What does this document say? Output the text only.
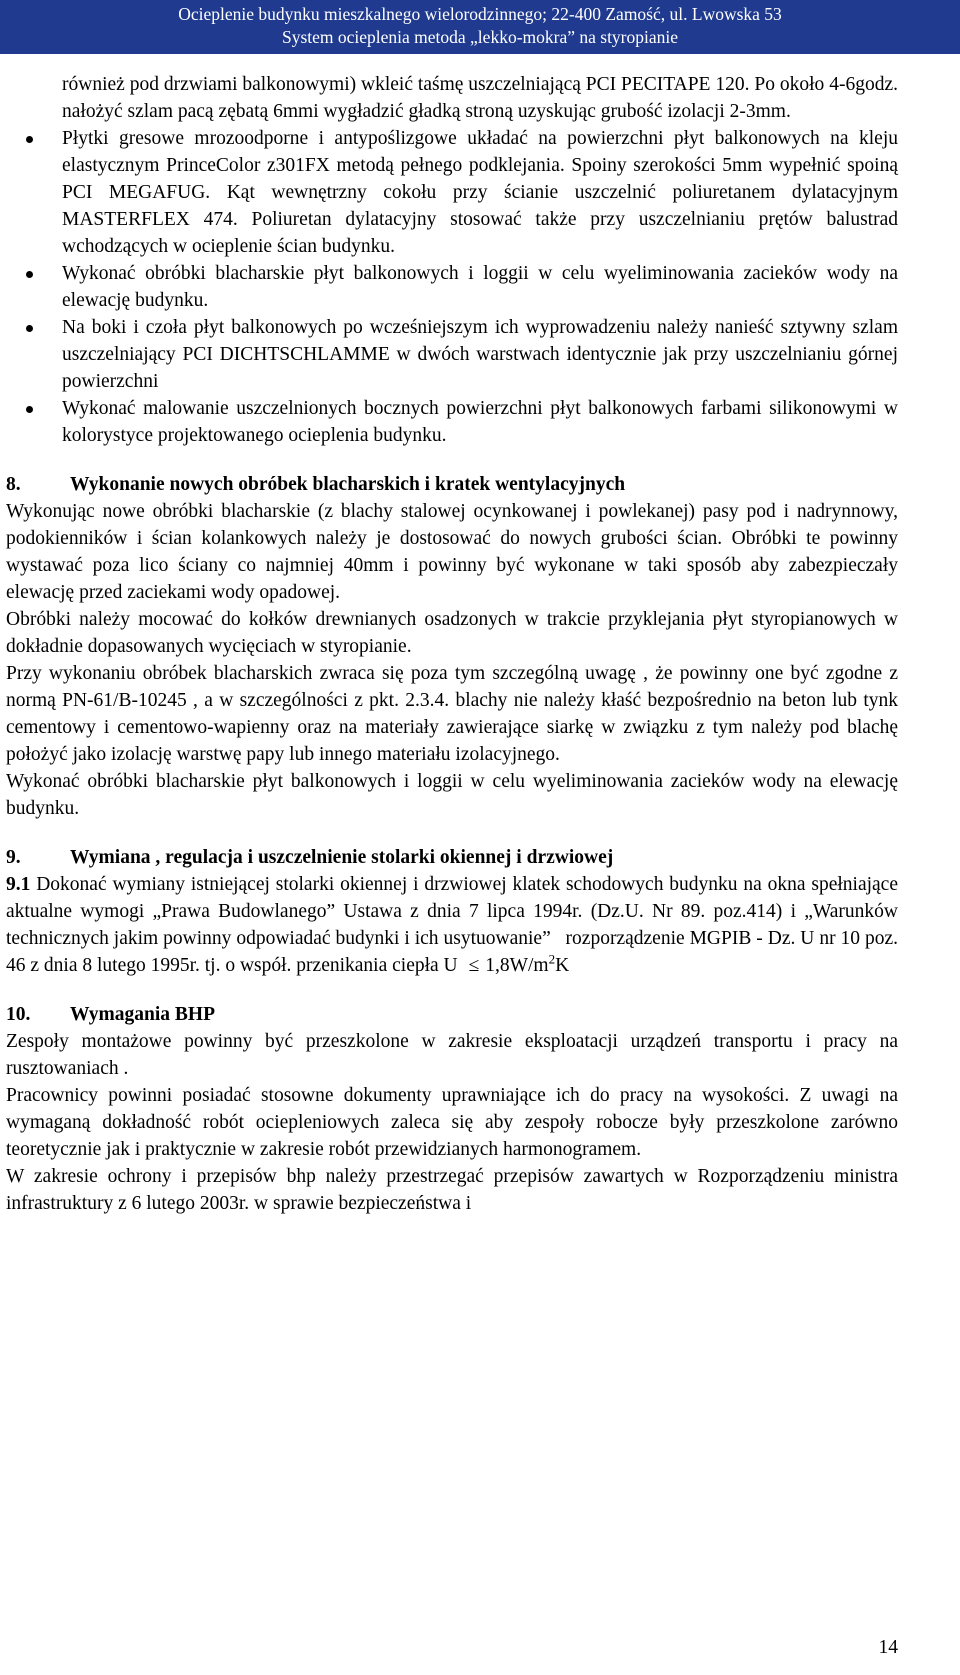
Ocieplenie budynku mieszkalnego wielorodzinnego; 22-400 Zamość, ul. Lwowska 53
System ocieplenia metoda „lekko-mokra” na styropianie

również pod drzwiami balkonowymi) wkleić taśmę uszczelniającą PCI PECITAPE 120. Po około 4-6godz. nałożyć szlam pacą zębatą 6mmi wygładzić gładką stroną uzyskując grubość izolacji 2-3mm.

Płytki gresowe mrozoodporne i antypoślizgowe układać na powierzchni płyt balkonowych na kleju elastycznym PrinceColor z301FX metodą pełnego podklejania. Spoiny szerokości 5mm wypełnić spoiną PCI MEGAFUG. Kąt wewnętrzny cokołu przy ścianie uszczelnić poliuretanem dylatacyjnym MASTERFLEX 474. Poliuretan dylatacyjny stosować także przy uszczelnianiu prętów balustrad wchodzących w ocieplenie ścian budynku.
Wykonać obróbki blacharskie płyt balkonowych i loggii w celu wyeliminowania zacieków wody na elewację budynku.
Na boki i czoła płyt balkonowych po wcześniejszym ich wyprowadzeniu należy nanieść sztywny szlam uszczelniający PCI DICHTSCHLAMME w dwóch warstwach identycznie jak przy uszczelnianiu górnej powierzchni
Wykonać malowanie uszczelnionych bocznych powierzchni płyt balkonowych farbami silikonowymi w kolorystyce projektowanego ocieplenia budynku.
8.	Wykonanie nowych obróbek blacharskich i kratek wentylacyjnych

Wykonując nowe obróbki blacharskie (z blachy stalowej ocynkowanej i powlekanej) pasy pod i nadrynnowy, podokienników i ścian kolankowych należy je dostosować do nowych grubości ścian. Obróbki te powinny wystawać poza lico ściany co najmniej 40mm i powinny być wykonane w taki sposób aby zabezpieczały elewację przed zaciekami wody opadowej.

Obróbki należy mocować do kołków drewnianych osadzonych w trakcie przyklejania płyt styropianowych w dokładnie dopasowanych wycięciach w styropianie.

Przy wykonaniu obróbek blacharskich zwraca się poza tym szczególną uwagę , że powinny one być zgodne z normą PN-61/B-10245 , a w szczególności z pkt. 2.3.4. blachy nie należy kłaść bezpośrednio na beton lub tynk cementowy i cementowo-wapienny oraz na materiały zawierające siarkę w związku z tym należy pod blachę położyć jako izolację warstwę papy lub innego materiału izolacyjnego.

Wykonać obróbki blacharskie płyt balkonowych i loggii w celu wyeliminowania zacieków wody na elewację budynku.

9.	Wymiana , regulacja i uszczelnienie stolarki okiennej i drzwiowej

9.1 Dokonać wymiany istniejącej stolarki okiennej i drzwiowej klatek schodowych budynku na okna spełniające aktualne wymogi „Prawa Budowlanego” Ustawa z dnia 7 lipca 1994r. (Dz.U. Nr 89. poz.414) i „Warunków technicznych jakim powinny odpowiadać budynki i ich usytuowanie”   rozporządzenie MGPIB - Dz. U nr 10 poz. 46 z dnia 8 lutego 1995r. tj. o współ. przenikania ciepła $U \le 1,8W/m^2K$

10.	Wymagania BHP

Zespoły montażowe powinny być przeszkolone w zakresie eksploatacji urządzeń transportu i pracy na rusztowaniach .

Pracownicy powinni posiadać stosowne dokumenty uprawniające ich do pracy na wysokości. Z uwagi na wymaganą dokładność robót ociepleniowych zaleca się aby zespoły robocze były przeszkolone zarówno teoretycznie jak i praktycznie w zakresie robót przewidzianych harmonogramem.

W zakresie ochrony i przepisów bhp należy przestrzegać przepisów zawartych w Rozporządzeniu ministra infrastruktury z 6 lutego 2003r. w sprawie bezpieczeństwa i

14
